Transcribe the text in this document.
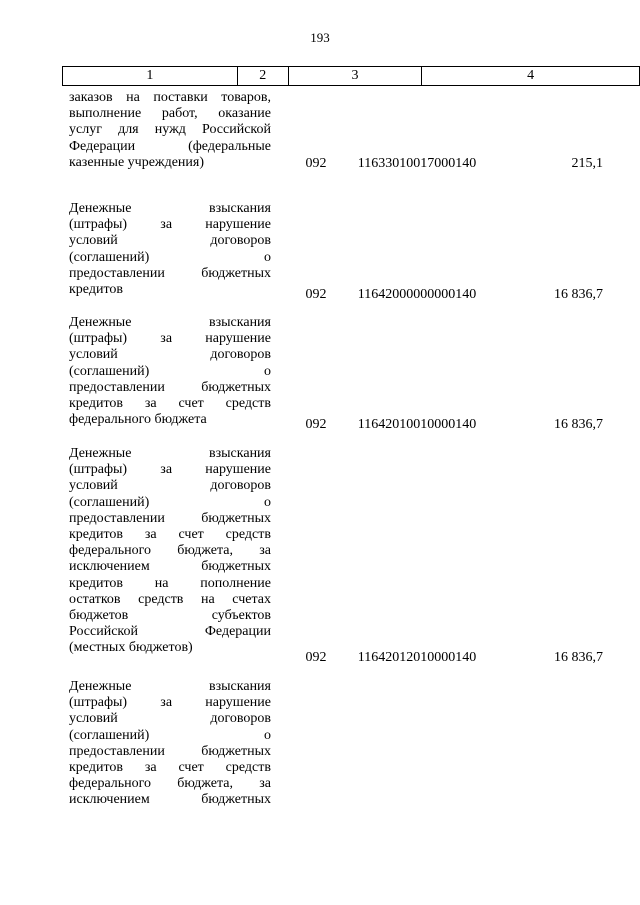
193
1	2	3	4
заказов на поставки товаров,
выполнение работ, оказание
услуг для нужд Российской
Федерации (федеральные
казенные учреждения)	092	11633010017000140	215,1
Денежные взыскания
(штрафы) за нарушение
условий договоров
(соглашений) о
предоставлении бюджетных
кредитов	092	11642000000000140	16 836,7
Денежные взыскания
(штрафы) за нарушение
условий договоров
(соглашений) о
предоставлении бюджетных
кредитов за счет средств
федерального бюджета	092	11642010010000140	16 836,7
Денежные взыскания
(штрафы) за нарушение
условий договоров
(соглашений) о
предоставлении бюджетных
кредитов за счет средств
федерального бюджета, за
исключением бюджетных
кредитов на пополнение
остатков средств на счетах
бюджетов субъектов
Российской Федерации
(местных бюджетов)
092	11642012010000140	16 836,7
Денежные взыскания
(штрафы) за нарушение
условий договоров
(соглашений) о
предоставлении бюджетных
кредитов за счет средств
федерального бюджета, за
исключением бюджетных
